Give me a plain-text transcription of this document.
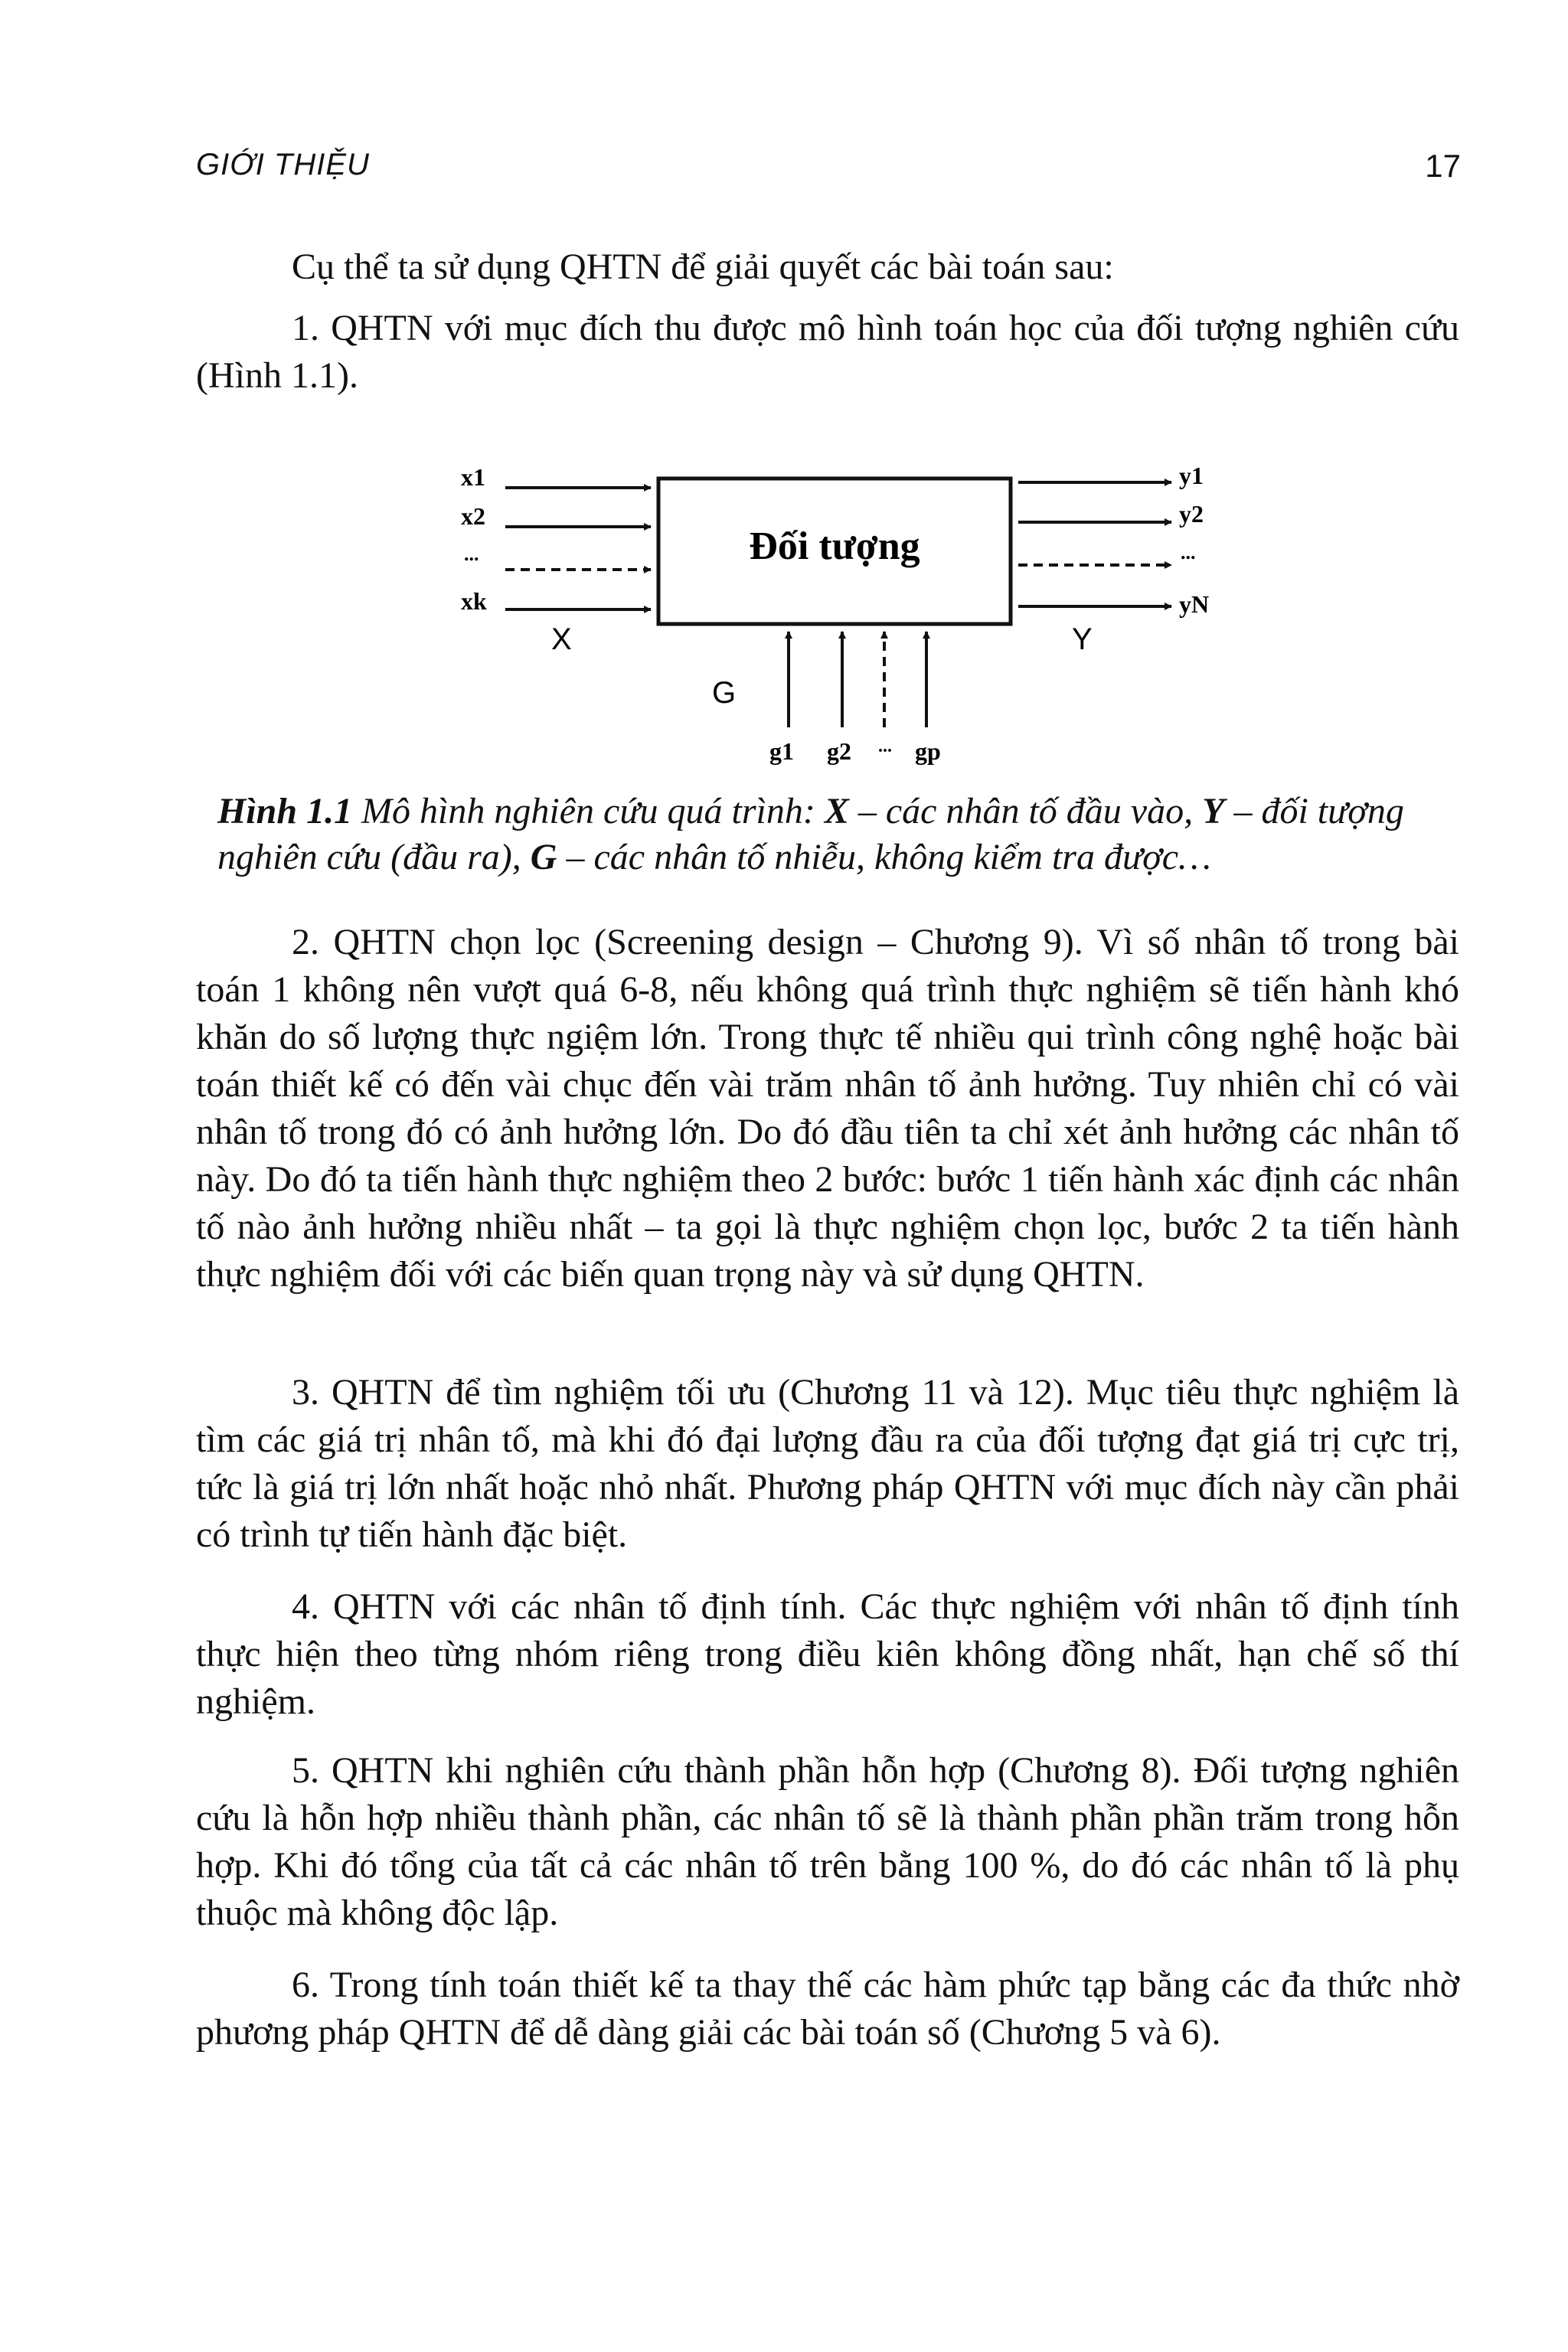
GIỚI THIỆU	17

Cụ thể ta sử dụng QHTN để giải quyết các bài toán sau:

1. QHTN với mục đích thu được mô hình toán học của đối tượng nghiên cứu (Hình 1.1).

Đối tượng
x1
x2
...
xk
X
y1
y2
...
yN
Y
g1 g2 ... gp
G

Hình 1.1 Mô hình nghiên cứu quá trình: X – các nhân tố đầu vào, Y – đối tượng nghiên cứu (đầu ra), G – các nhân tố nhiễu, không kiểm tra được…

2. QHTN chọn lọc (Screening design – Chương 9). Vì số nhân tố trong bài toán 1 không nên vượt quá 6-8, nếu không quá trình thực nghiệm sẽ tiến hành khó khăn do số lượng thực ngiệm lớn. Trong thực tế nhiều qui trình công nghệ hoặc bài toán thiết kế có đến vài chục đến vài trăm nhân tố ảnh hưởng. Tuy nhiên chỉ có vài nhân tố trong đó có ảnh hưởng lớn. Do đó đầu tiên ta chỉ xét ảnh hưởng các nhân tố này. Do đó ta tiến hành thực nghiệm theo 2 bước: bước 1 tiến hành xác định các nhân tố nào ảnh hưởng nhiều nhất – ta gọi là thực nghiệm chọn lọc, bước 2 ta tiến hành thực nghiệm đối với các biến quan trọng này và sử dụng QHTN.

3. QHTN để tìm nghiệm tối ưu (Chương 11 và 12). Mục tiêu thực nghiệm là tìm các giá trị nhân tố, mà khi đó đại lượng đầu ra của đối tượng đạt giá trị cực trị, tức là giá trị lớn nhất hoặc nhỏ nhất. Phương pháp QHTN với mục đích này cần phải có trình tự tiến hành đặc biệt.

4. QHTN với các nhân tố định tính. Các thực nghiệm với nhân tố định tính thực hiện theo từng nhóm riêng trong điều kiên không đồng nhất, hạn chế số thí nghiệm.

5. QHTN khi nghiên cứu thành phần hỗn hợp (Chương 8). Đối tượng nghiên cứu là hỗn hợp nhiều thành phần, các nhân tố sẽ là thành phần phần trăm trong hỗn hợp. Khi đó tổng của tất cả các nhân tố trên bằng 100 %, do đó các nhân tố là phụ thuộc mà không độc lập.

6. Trong tính toán thiết kế ta thay thế các hàm phức tạp bằng các đa thức nhờ phương pháp QHTN để dễ dàng giải các bài toán số (Chương 5 và 6).
